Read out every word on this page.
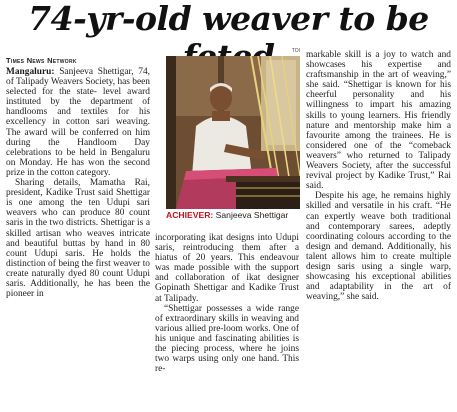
74-yr-old weaver to be
Times News Network

Mangaluru: Sanjeeva Shettigar, 74, of Talipady Weavers Society, has been selected for the state- level award instituted by the department of handlooms and textiles for his excellency in cotton sari weaving. The award will be conferred on him during the Handloom Day celebrations to be held in Bengaluru on Monday. He has won the second prize in the cotton category.

Sharing details, Mamatha Rai, president, Kadike Trust said Shettigar is one among the ten Udupi sari weavers who can produce 80 count saris in the two districts. Shettigar is a skilled artisan who weaves intricate and beautiful buttas by hand in 80 count Udupi saris. He holds the distinction of being the first weaver to create naturally dyed 80 count Udupi saris. Additionally, he has been the pioneer in

TOI
ACHIEVER: Sanjeeva Shettigar

incorporating ikat designs into Udupi saris, reintroducing them after a hiatus of 20 years. This endeavour was made possible with the support and collaboration of ikat designer Gopinath Shettigar and Kadike Trust at Talipady.

“Shettigar possesses a wide range of extraordinary skills in weaving and various allied pre-loom works. One of his unique and fascinating abilities is the piecing process, where he joins two warps using only one hand. This re-

markable skill is a joy to watch and showcases his expertise and craftsmanship in the art of weaving,” she said. “Shettigar is known for his cheerful personality and his willingness to impart his amazing skills to young learners. His friendly nature and mentorship make him a favourite among the trainees. He is considered one of the “comeback weavers” who returned to Talipady Weavers Society, after the successful revival project by Kadike Trust,” Rai said.

Despite his age, he remains highly skilled and versatile in his craft. “He can expertly weave both traditional and contemporary sarees, adeptly coordinating colours according to the design and demand. Additionally, his talent allows him to create multiple design saris using a single warp, showcasing his exceptional abilities and adaptability in the art of weaving,” she said.
